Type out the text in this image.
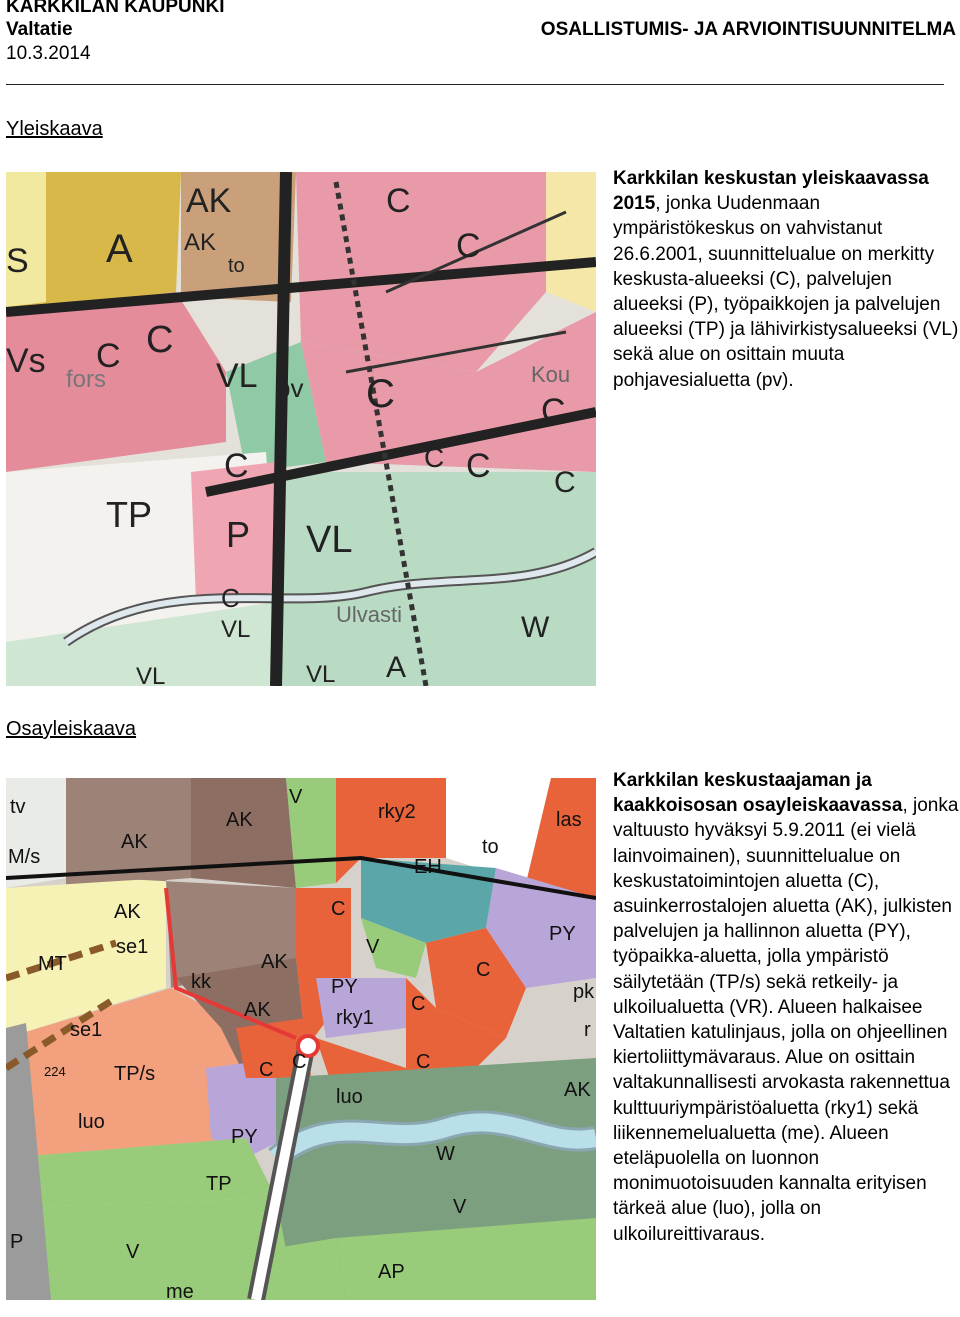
KARKKILAN KAUPUNKI
Valtatie
10.3.2014
OSALLISTUMIS- JA ARVIOINTISUUNNITELMA
Yleiskaava
AK
AK
S A
C
C
C
C
C	C
C
C	C
Vs fors	VL pv
C
TP P VL
C
VL	W
VL A
VL
Kou
Ulvasti
to
Karkkilan keskustan yleiskaavassa 2015, jonka Uudenmaan ympäristökeskus on vahvistanut 26.6.2001, suunnittelualue on merkitty keskusta-alueeksi (C), palvelujen alueeksi (P), työpaikkojen ja palvelujen alueeksi (TP) ja lähivirkistysalueeksi (VL) sekä alue on osittain muuta pohjavesialuetta (pv).
Osayleiskaava
tv
M/s
AK
AK
V
rky2	las
to
EH
AK
se1
MT
C
V
PY
C
PY
kk
AK
AK	rky1
C
pk
se1
C	C
224 TP/s
luo
luo
PY
W
TP
V
P	V
me
AP
AK
C
r
Karkkilan keskustaajaman ja kaakkoisosan osayleiskaavassa, jonka valtuusto hyväksyi 5.9.2011 (ei vielä lainvoimainen), suunnittelualue on keskustatoimintojen aluetta (C), asuinkerrostalojen aluetta (AK), julkisten palvelujen ja hallinnon aluetta (PY), työpaikka-aluetta, jolla ympäristö säilytetään (TP/s) sekä retkeily- ja ulkoilualuetta (VR). Alueen halkaisee Valtatien katulinjaus, jolla on ohjeellinen kiertoliittymävaraus. Alue on osittain valtakunnallisesti arvokasta rakennettua kulttuuriympäristöaluetta (rky1) sekä liikennemelualuetta (me). Alueen eteläpuolella on luonnon monimuotoisuuden kannalta erityisen tärkeä alue (luo), jolla on ulkoilureittivaraus.
